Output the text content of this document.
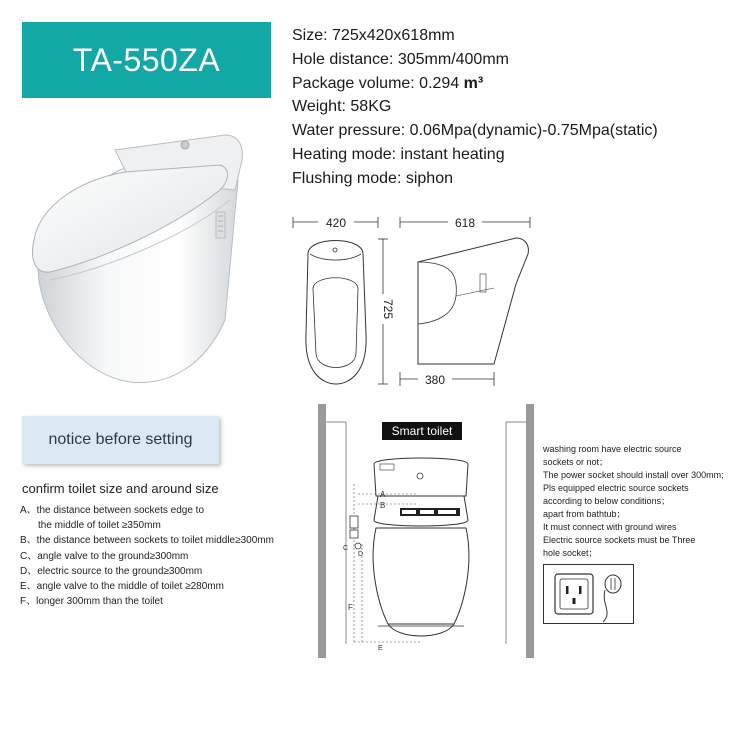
TA-550ZA
Size: 725x420x618mm
Hole distance: 305mm/400mm
Package volume: 0.294 m³
Weight: 58KG
Water pressure: 0.06Mpa(dynamic)-0.75Mpa(static)
Heating mode: instant heating
Flushing mode: siphon
420
725
618
380
notice before setting
confirm toilet size and around size
A、the distance between sockets edge to
the middle of toilet ≥350mm
B、the distance between sockets to toilet middle≥300mm
C、angle valve to the ground≥300mm
D、electric source to the ground≥300mm
E、angle valve to the middle of toilet ≥280mm
F、longer 300mm than the toilet
A
B
C
D
E
F
Smart toilet

washing room have electric source

sockets or not；

The power socket should install over 300mm;

Pls equipped electric source sockets

according to below conditions；

apart from bathtub；

It must connect with ground wires

Electric source sockets must be Three

hole socket；
